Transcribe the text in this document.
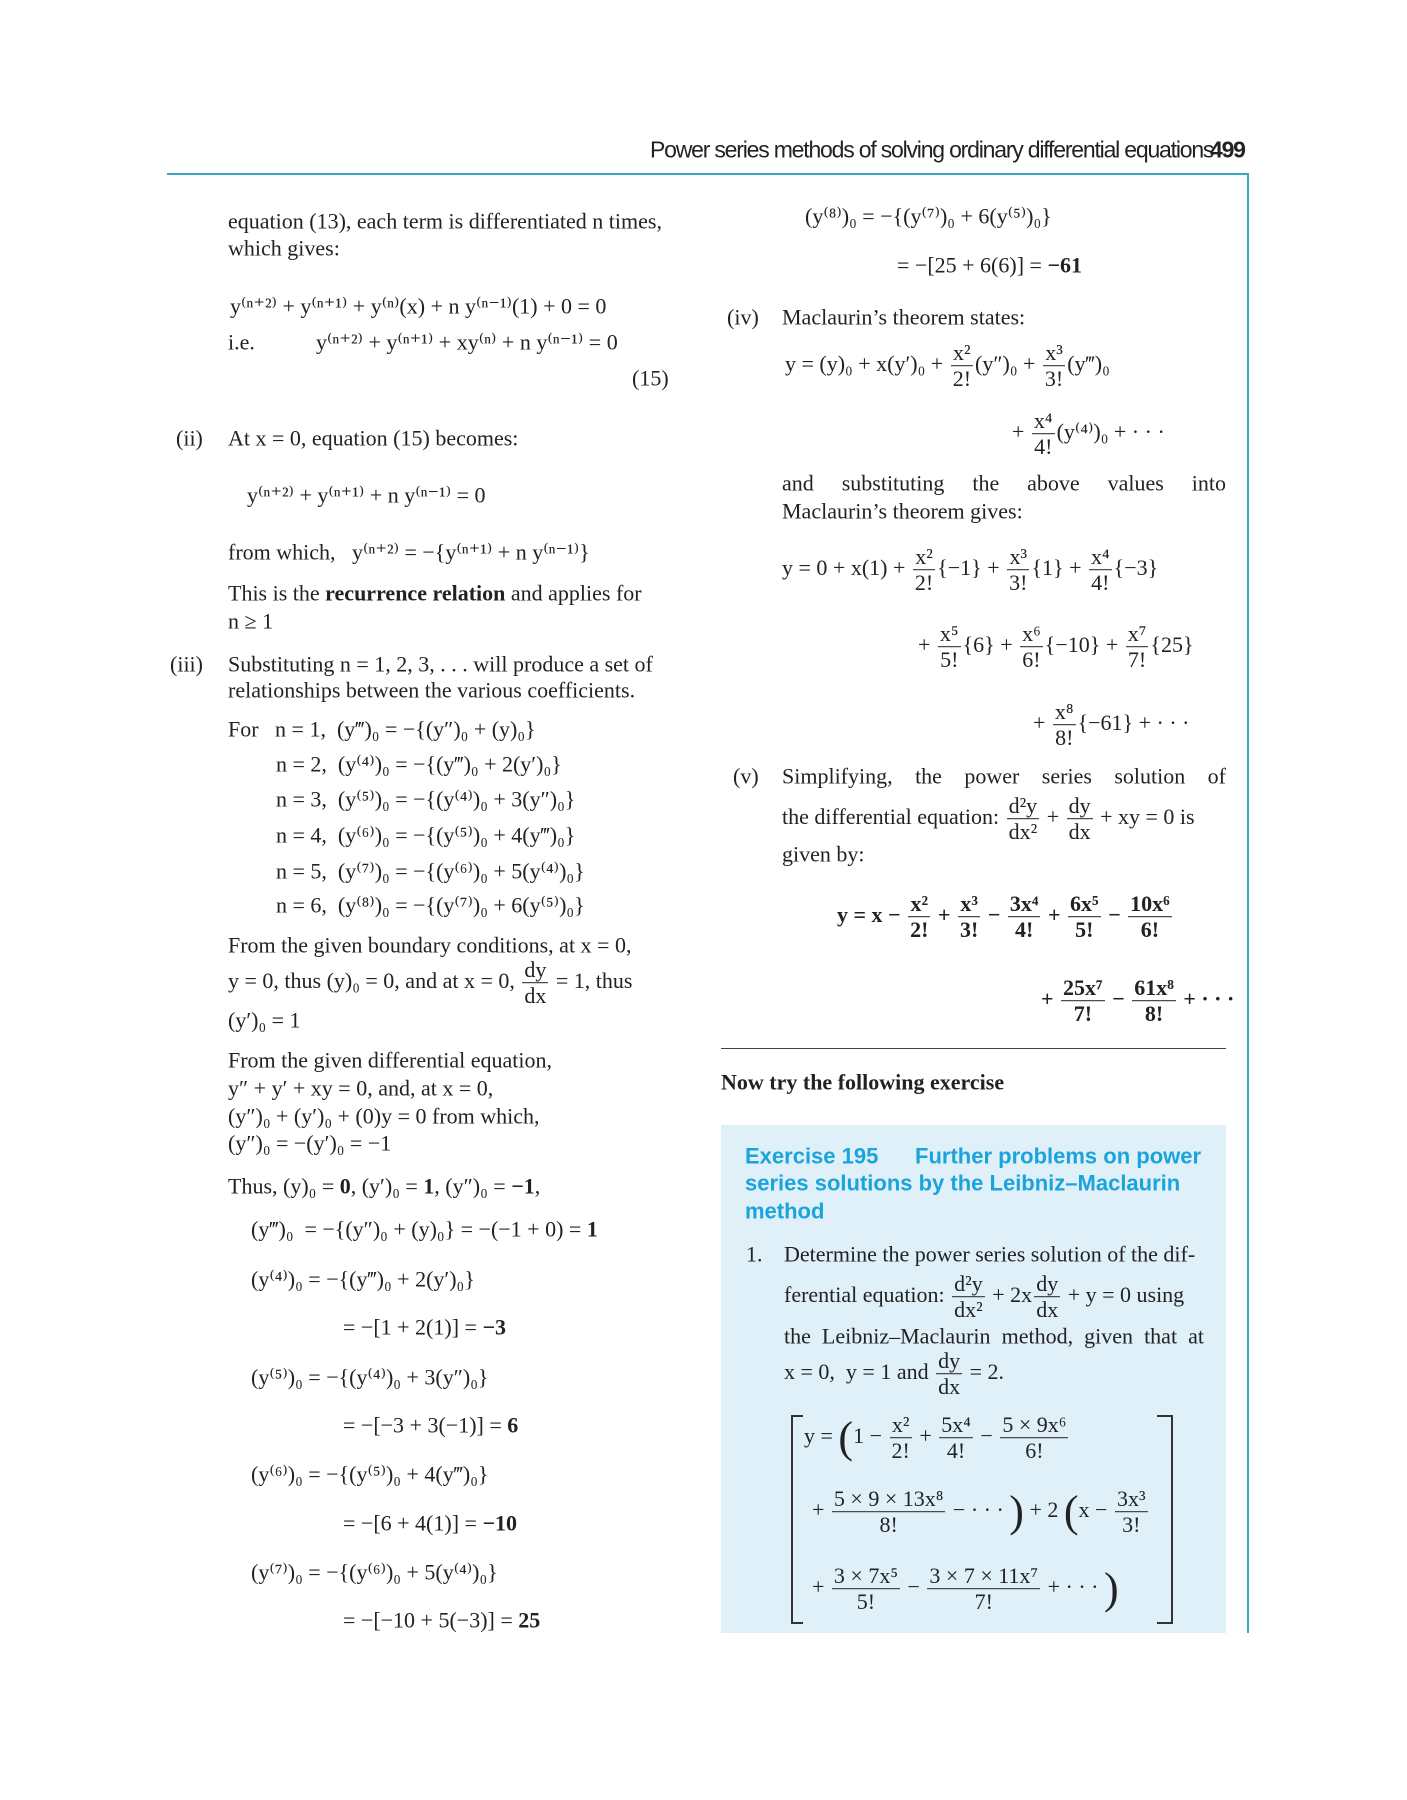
Power series methods of solving ordinary differential equations
499
equation (13), each term is differentiated n times,
which gives:
y⁽ⁿ⁺²⁾ + y⁽ⁿ⁺¹⁾ + y⁽ⁿ⁾(x) + n y⁽ⁿ⁻¹⁾(1) + 0 = 0
i.e.	y⁽ⁿ⁺²⁾ + y⁽ⁿ⁺¹⁾ + xy⁽ⁿ⁾ + n y⁽ⁿ⁻¹⁾ = 0
(15)
(ii) At x = 0, equation (15) becomes:
y⁽ⁿ⁺²⁾ + y⁽ⁿ⁺¹⁾ + n y⁽ⁿ⁻¹⁾ = 0
from which,   y⁽ⁿ⁺²⁾ = −{y⁽ⁿ⁺¹⁾ + n y⁽ⁿ⁻¹⁾}
This is the recurrence relation and applies for
n ≥ 1
(iii) Substituting n = 1, 2, 3, . . . will produce a set of
relationships between the various coefficients.
For   n = 1,  (y‴)₀ = −{(y″)₀ + (y)₀}
n = 2,  (y⁽⁴⁾)₀ = −{(y‴)₀ + 2(y′)₀}
n = 3,  (y⁽⁵⁾)₀ = −{(y⁽⁴⁾)₀ + 3(y″)₀}
n = 4,  (y⁽⁶⁾)₀ = −{(y⁽⁵⁾)₀ + 4(y‴)₀}
n = 5,  (y⁽⁷⁾)₀ = −{(y⁽⁶⁾)₀ + 5(y⁽⁴⁾)₀}
n = 6,  (y⁽⁸⁾)₀ = −{(y⁽⁷⁾)₀ + 6(y⁽⁵⁾)₀}
From the given boundary conditions, at x = 0,
y = 0, thus (y)₀ = 0, and at x = 0, $\frac{dy}{dx} = 1$, thus
(y′)₀ = 1
From the given differential equation,
y″ + y′ + xy = 0, and, at x = 0,
(y″)₀ + (y′)₀ + (0)y = 0 from which,
(y″)₀ = −(y′)₀ = −1
Thus, (y)₀ = 0, (y′)₀ = 1, (y″)₀ = −1,
(y‴)₀  = −{(y″)₀ + (y)₀} = −(−1 + 0) = 1
(y⁽⁴⁾)₀ = −{(y‴)₀ + 2(y′)₀}
= −[1 + 2(1)] = −3
(y⁽⁵⁾)₀ = −{(y⁽⁴⁾)₀ + 3(y″)₀}
= −[−3 + 3(−1)] = 6
(y⁽⁶⁾)₀ = −{(y⁽⁵⁾)₀ + 4(y‴)₀}
= −[6 + 4(1)] = −10
(y⁽⁷⁾)₀ = −{(y⁽⁶⁾)₀ + 5(y⁽⁴⁾)₀}
= −[−10 + 5(−3)] = 25
(y⁽⁸⁾)₀ = −{(y⁽⁷⁾)₀ + 6(y⁽⁵⁾)₀}
= −[25 + 6(6)] = −61
(iv) Maclaurin’s theorem states:
$y = (y)_0 + x(y')_0 + \frac{\text{x²}}{2!} (y'')_0 + \frac{\text{x³}}{3!}$ (y‴)₀
+ $\frac{\text{x⁴}}{4!} (y^{(4)})_0$ + · · ·
and substituting the above values into
Maclaurin’s theorem gives:
$y = 0 + x(1) + \frac{\text{x²}}{2!} \{-1\} + \frac{\text{x³}}{3!} \{1\} + \frac{\text{x⁴}}{4!} \{-3\}$
+ $\frac{\text{x⁵}}{5!} \{6\} + \frac{\text{x⁶}}{6!} \{-10\} + \frac{\text{x⁷}}{7!} \{25\}$
+ $\frac{\text{x⁸}}{8!} \{-61\}$ + · · ·
(v) Simplifying, the power series solution of
the differential equation: $\frac{\text{d²y}}{\text{dx²}} + \frac{dy}{dx}$ + xy = 0 is
given by:
$y = x - \frac{\text{x²}}{2!} + \frac{\text{x³}}{3!} - \frac{\text{3x⁴}}{4!} + \frac{\text{6x⁵}}{5!} - \frac{\text{10x⁶}}{6!}$
+ $\frac{\text{25x⁷}}{7!} - \frac{\text{61x⁸}}{8!}$ + · · ·
Now try the following exercise
Exercise 195      Further problems on power
series solutions by the Leibniz–Maclaurin
method
1. Determine the power series solution of the dif-
ferential equation: $\frac{\text{d²y}}{\text{dx²}} + 2x \frac{dy}{dx} + y = 0$ using
the Leibniz–Maclaurin method, given that at
x = 0,  y = 1 and $\frac{dy}{dx} = 2$.
$y = (1 - \frac{\text{x²}}{2!} + \frac{\text{5x⁴}}{4!} - \frac{\text{5 × 9x⁶}}{6!}$
+ $\frac{\text{5 × 9 × 13x⁸}}{8!}$ − · · · ) + 2 ($x - \frac{\text{3x³}}{3!}$
+ $\frac{\text{3 × 7x⁵}}{5!} - \frac{\text{3 × 7 × 11x⁷}}{7!}$ + · · · )
